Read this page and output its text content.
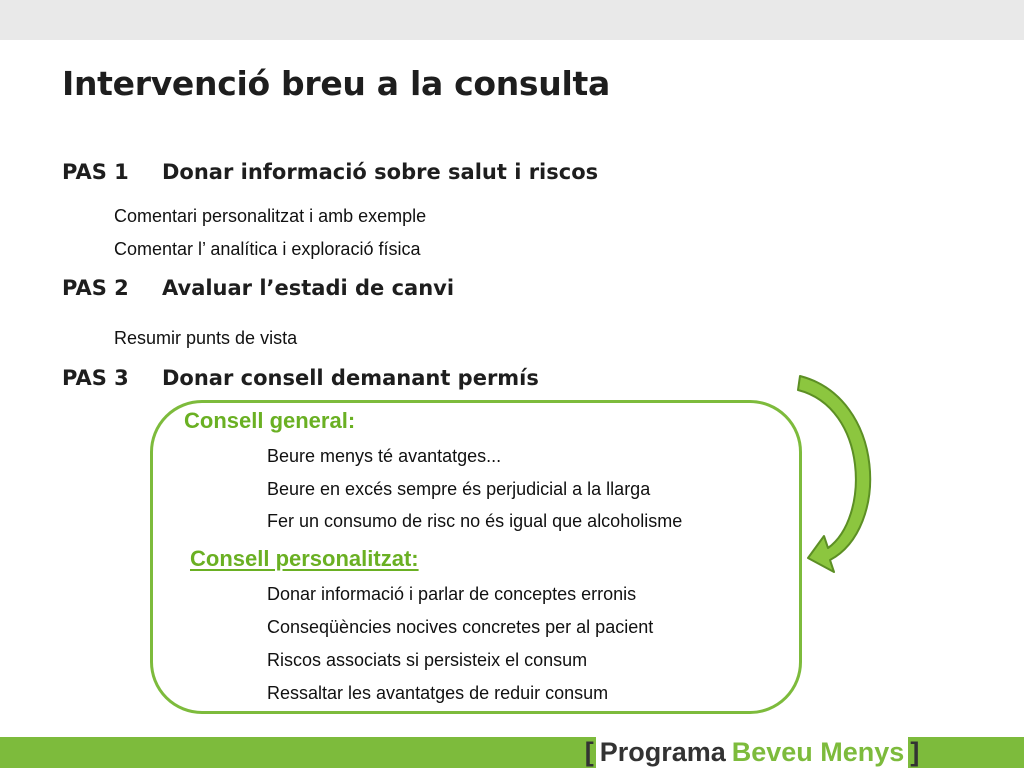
Intervenció breu a la consulta
PAS 1 Donar informació sobre salut i riscos
Comentari personalitzat i amb exemple
Comentar l’ analítica i exploració física
PAS 2 Avaluar l’estadi de canvi
Resumir punts de vista
PAS 3 Donar consell demanant permís
Consell general:
Beure menys té avantatges...
Beure en excés sempre és perjudicial a la llarga
Fer un consumo de risc no és igual que alcoholisme
Consell personalitzat:
Donar informació i parlar de conceptes erronis
Conseqüències nocives concretes per al pacient
Riscos associats si persisteix el consum
Ressaltar les avantatges de reduir consum
[ Programa Beveu Menys ]
